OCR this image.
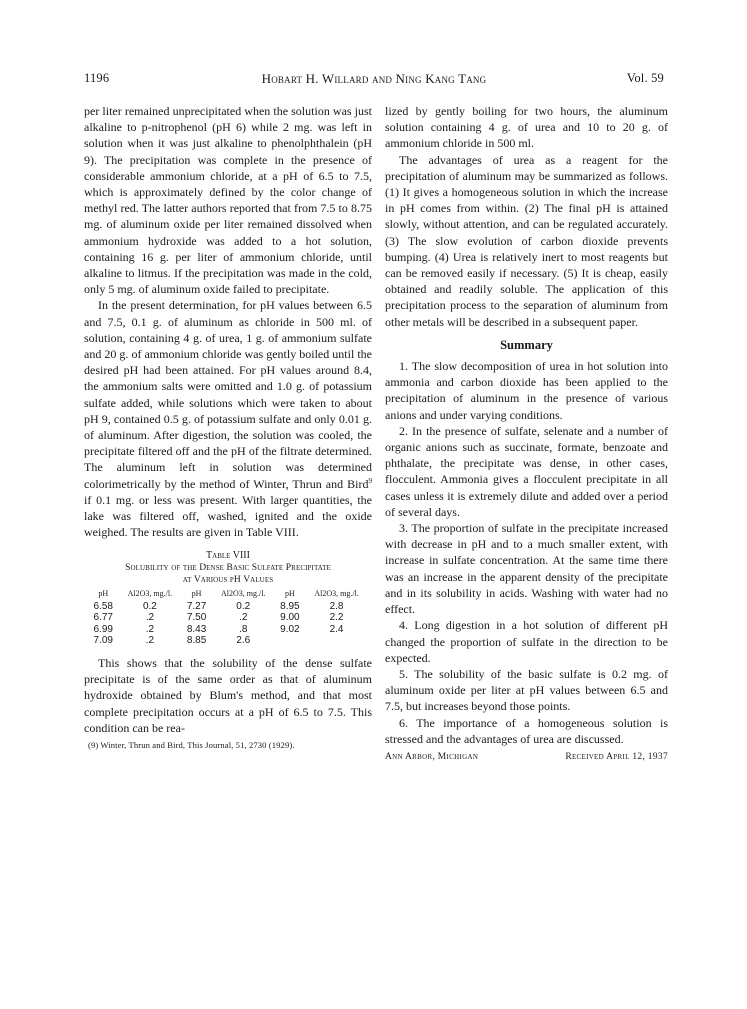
1196	Hobart H. Willard and Ning Kang Tang	Vol. 59

per liter remained unprecipitated when the solution was just alkaline to p-nitrophenol (pH 6) while 2 mg. was left in solution when it was just alkaline to phenolphthalein (pH 9). The precipitation was complete in the presence of considerable ammonium chloride, at a pH of 6.5 to 7.5, which is approximately defined by the color change of methyl red. The latter authors reported that from 7.5 to 8.75 mg. of aluminum oxide per liter remained dissolved when ammonium hydroxide was added to a hot solution, containing 16 g. per liter of ammonium chloride, until alkaline to litmus. If the precipitation was made in the cold, only 5 mg. of aluminum oxide failed to precipitate.

In the present determination, for pH values between 6.5 and 7.5, 0.1 g. of aluminum as chloride in 500 ml. of solution, containing 4 g. of urea, 1 g. of ammonium sulfate and 20 g. of ammonium chloride was gently boiled until the desired pH had been attained. For pH values around 8.4, the ammonium salts were omitted and 1.0 g. of potassium sulfate added, while solutions which were taken to about pH 9, contained 0.5 g. of potassium sulfate and only 0.01 g. of aluminum. After digestion, the solution was cooled, the precipitate filtered off and the pH of the filtrate determined. The aluminum left in solution was determined colorimetrically by the method of Winter, Thrun and Bird$^9$ if 0.1 mg. or less was present. With larger quantities, the lake was filtered off, washed, ignited and the oxide weighed. The results are given in Table VIII.

Table VIII
Solubility of the Dense Basic Sulfate Precipitate
at Various pH Values
pH	Al2O3, mg./l.	pH	Al2O3, mg./l.	pH	Al2O3, mg./l.
6.58	0.2	7.27	0.2	8.95	2.8
6.77	.2	7.50	.2	9.00	2.2
6.99	.2	8.43	.8	9.02	2.4
7.09	.2	8.85	2.6		

This shows that the solubility of the dense sulfate precipitate is of the same order as that of aluminum hydroxide obtained by Blum's method, and that most complete precipitation occurs at a pH of 6.5 to 7.5. This condition can be rea-

(9) Winter, Thrun and Bird, This Journal, 51, 2730 (1929).

lized by gently boiling for two hours, the aluminum solution containing 4 g. of urea and 10 to 20 g. of ammonium chloride in 500 ml.

The advantages of urea as a reagent for the precipitation of aluminum may be summarized as follows. (1) It gives a homogeneous solution in which the increase in pH comes from within. (2) The final pH is attained slowly, without attention, and can be regulated accurately. (3) The slow evolution of carbon dioxide prevents bumping. (4) Urea is relatively inert to most reagents but can be removed easily if necessary. (5) It is cheap, easily obtained and readily soluble. The application of this precipitation process to the separation of aluminum from other metals will be described in a subsequent paper.

Summary

1. The slow decomposition of urea in hot solution into ammonia and carbon dioxide has been applied to the precipitation of aluminum in the presence of various anions and under varying conditions.

2. In the presence of sulfate, selenate and a number of organic anions such as succinate, formate, benzoate and phthalate, the precipitate was dense, in other cases, flocculent. Ammonia gives a flocculent precipitate in all cases unless it is extremely dilute and added over a period of several days.

3. The proportion of sulfate in the precipitate increased with decrease in pH and to a much smaller extent, with increase in sulfate concentration. At the same time there was an increase in the apparent density of the precipitate and in its solubility in acids. Washing with water had no effect.

4. Long digestion in a hot solution of different pH changed the proportion of sulfate in the direction to be expected.

5. The solubility of the basic sulfate is 0.2 mg. of aluminum oxide per liter at pH values between 6.5 and 7.5, but increases beyond those points.

6. The importance of a homogeneous solution is stressed and the advantages of urea are discussed.

Ann Arbor, Michigan	Received April 12, 1937
